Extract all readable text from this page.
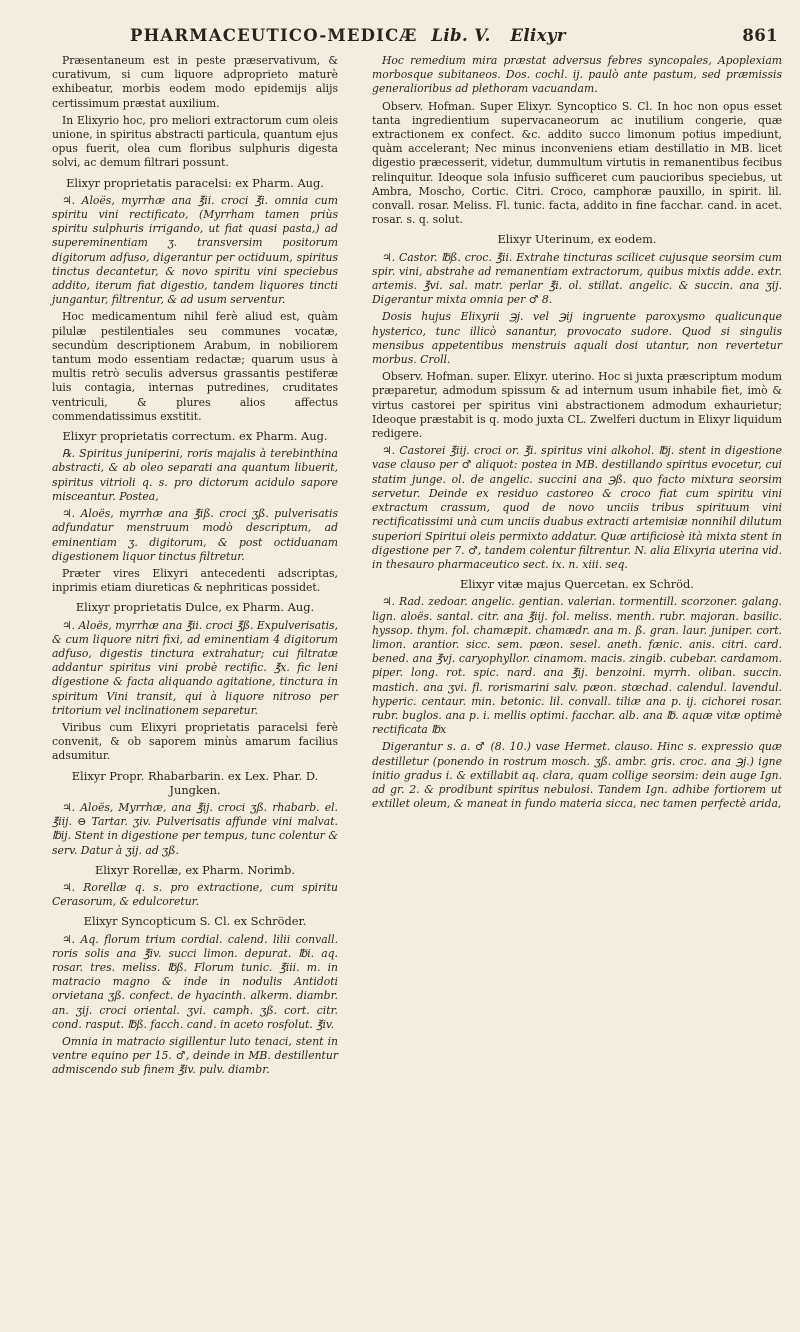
PHARMACEUTICO-MEDICÆ Lib. V. Elixyr	861

Præsentaneum est in peste præservativum, & curativum, si cum liquore adproprieto maturè exhibeatur, morbis eodem modo epidemijs alijs certissimum præstat auxilium.

In Elixyrio hoc, pro meliori extractorum cum oleis unione, in spiritus abstracti particula, quantum ejus opus fuerit, olea cum floribus sulphuris digesta solvi, ac demum filtrari possunt.

Elixyr proprietatis paracelsi: ex Pharm. Aug.

♃. Aloës, myrrhæ ana ℥ii. croci ℥i. omnia cum spiritu vini rectificato, (Myrrham tamen priùs spiritu sulphuris irrigando, ut fiat quasi pasta,) ad supereminentiam ʒ. transversim positorum digitorum adfuso, digerantur per octiduum, spiritus tinctus decantetur, & novo spiritu vini speciebus addito, iterum fiat digestio, tandem liquores tincti jungantur, filtrentur, & ad usum serventur.

Hoc medicamentum nihil ferè aliud est, quàm pilulæ pestilentiales seu communes vocatæ, secundùm descriptionem Arabum, in nobiliorem tantum modo essentiam redactæ; quarum usus à multis retrò seculis adversus grassantis pestiferæ luis contagia, internas putredines, cruditates ventriculi, & plures alios affectus commendatissimus exstitit.

Elixyr proprietatis correctum. ex Pharm. Aug.

℞. Spiritus juniperini, roris majalis à terebinthina abstracti, & ab oleo separati ana quantum libuerit, spiritus vitrioli q. s. pro dictorum acidulo sapore misceantur. Postea,

♃. Aloës, myrrhæ ana ℥iß. croci ʒß. pulverisatis adfundatur menstruum modò descriptum, ad eminentiam ʒ. digitorum, & post octiduanam digestionem liquor tinctus filtretur.

Præter vires Elixyri antecedenti adscriptas, inprimis etiam diureticas & nephriticas possidet.

Elixyr proprietatis Dulce, ex Pharm. Aug.

♃. Aloës, myrrhæ ana ℥ii. croci ℥ß. Expulverisatis, & cum liquore nitri fixi, ad eminentiam 4 digitorum adfuso, digestis tinctura extrahatur; cui filtratæ addantur spiritus vini probè rectific. ℥x. fic leni digestione & facta aliquando agitatione, tinctura in spiritum Vini transit, qui à liquore nitroso per tritorium vel inclinationem separetur.

Viribus cum Elixyri proprietatis paracelsi ferè convenit, & ob saporem minùs amarum facilius adsumitur.

Elixyr Propr. Rhabarbarin. ex Lex. Phar. D. Jungken.

♃. Aloës, Myrrhæ, ana ℥ij. croci ʒß. rhabarb. el. ℥iij. ⊖ Tartar. ʒiv. Pulverisatis affunde vini malvat. ℔ij. Stent in digestione per tempus, tunc colentur & serv. Datur à ʒij. ad ʒß.

Elixyr Rorellæ, ex Pharm. Norimb.

♃. Rorellæ q. s. pro extractione, cum spiritu Cerasorum, & edulcoretur.

Elixyr Syncopticum S. Cl. ex Schröder.

♃. Aq. florum trium cordial. calend. lilii convall. roris solis ana ℥iv. succi limon. depurat. ℔i. aq. rosar. tres. meliss. ℔ß. Florum tunic. ℥iii. m. in matracio magno & inde in nodulis Antidoti orvietana ʒß. confect. de hyacinth. alkerm. diambr. an. ʒij. croci oriental. ʒvi. camph. ʒß. cort. citr. cond. rasput. ℔ß. facch. cand. in aceto rosfolut. ℥iv.

Omnia in matracio sigillentur luto tenaci, stent in ventre equino per 15. ♂, deinde in MB. destillentur admiscendo sub finem ℥iv. pulv. diambr.

Hoc remedium mira præstat adversus febres syncopales, Apoplexiam morbosque subitaneos. Dos. cochl. ij. paulò ante pastum, sed præmissis generalioribus ad plethoram vacuandam.

Observ. Hofman. Super Elixyr. Syncoptico S. Cl. In hoc non opus esset tanta ingredientium supervacaneorum ac inutilium congerie, quæ extractionem ex confect. &c. addito succo limonum potius impediunt, quàm accelerant; Nec minus inconveniens etiam destillatio in MB. licet digestio præcesserit, videtur, dummultum virtutis in remanentibus fecibus relinquitur. Ideoque sola infusio sufficeret cum paucioribus speciebus, ut Ambra, Moscho, Cortic. Citri. Croco, camphoræ pauxillo, in spirit. lil. convall. rosar. Meliss. Fl. tunic. facta, addito in fine facchar. cand. in acet. rosar. s. q. solut.

Elixyr Uterinum, ex eodem.

♃. Castor. ℔ß. croc. ℥ii. Extrahe tincturas scilicet cujusque seorsim cum spir. vini, abstrahe ad remanentiam extractorum, quibus mixtis adde. extr. artemis. ℥vi. sal. matr. perlar ℥i. ol. stillat. angelic. & succin. ana ʒij. Digerantur mixta omnia per ♂ 8.

Dosis hujus Elixyrii ℈j. vel ℈ij ingruente paroxysmo qualicunque hysterico, tunc illicò sanantur, provocato sudore. Quod si singulis mensibus appetentibus menstruis aquali dosi utantur, non revertetur morbus. Croll.

Observ. Hofman. super. Elixyr. uterino. Hoc si juxta præscriptum modum præparetur, admodum spissum & ad internum usum inhabile fiet, imò & virtus castorei per spiritus vini abstractionem admodum exhaurietur; Ideoque præstabit is q. modo juxta CL. Zwelferi ductum in Elixyr liquidum redigere.

♃. Castorei ℥iij. croci or. ℥i. spiritus vini alkohol. ℔j. stent in digestione vase clauso per ♂ aliquot: postea in MB. destillando spiritus evocetur, cui statim junge. ol. de angelic. succini ana ℈ß. quo facto mixtura seorsim servetur. Deinde ex residuo castoreo & croco fiat cum spiritu vini extractum crassum, quod de novo unciis tribus spirituum vini rectificatissimi unà cum unciis duabus extracti artemisiæ nonnihil dilutum superiori Spiritui oleis permixto addatur. Quæ artificiosè ità mixta stent in digestione per 7. ♂, tandem colentur filtrentur. N. alia Elixyria uterina vid. in thesauro pharmaceutico sect. ix. n. xiii. seq.

Elixyr vitæ majus Quercetan. ex Schröd.

♃. Rad. zedoar. angelic. gentian. valerian. tormentill. scorzoner. galang. lign. aloës. santal. citr. ana ℥iij. fol. meliss. menth. rubr. majoran. basilic. hyssop. thym. fol. chamæpit. chamædr. ana m. ß. gran. laur. juniper. cort. limon. arantior. sicc. sem. pæon. sesel. aneth. fænic. anis. citri. card. bened. ana ℥vj. caryophyllor. cinamom. macis. zingib. cubebar. cardamom. piper. long. rot. spic. nard. ana ℥ij. benzoini. myrrh. oliban. succin. mastich. ana ʒvi. fl. rorismarini salv. pæon. stœchad. calendul. lavendul. hyperic. centaur. min. betonic. lil. convall. tiliæ ana p. ij. cichorei rosar. rubr. buglos. ana p. i. mellis optimi. facchar. alb. ana ℔. aquæ vitæ optimè rectificata ℔x

Digerantur s. a. ♂ (8. 10.) vase Hermet. clauso. Hinc s. expressio quæ destilletur (ponendo in rostrum mosch. ʒß. ambr. gris. croc. ana ℈j.) igne initio gradus i. & extillabit aq. clara, quam collige seorsim: dein auge Ign. ad gr. 2. & prodibunt spiritus nebulosi. Tandem Ign. adhibe fortiorem ut extillet oleum, & maneat in fundo materia sicca, nec tamen perfectè arida,
